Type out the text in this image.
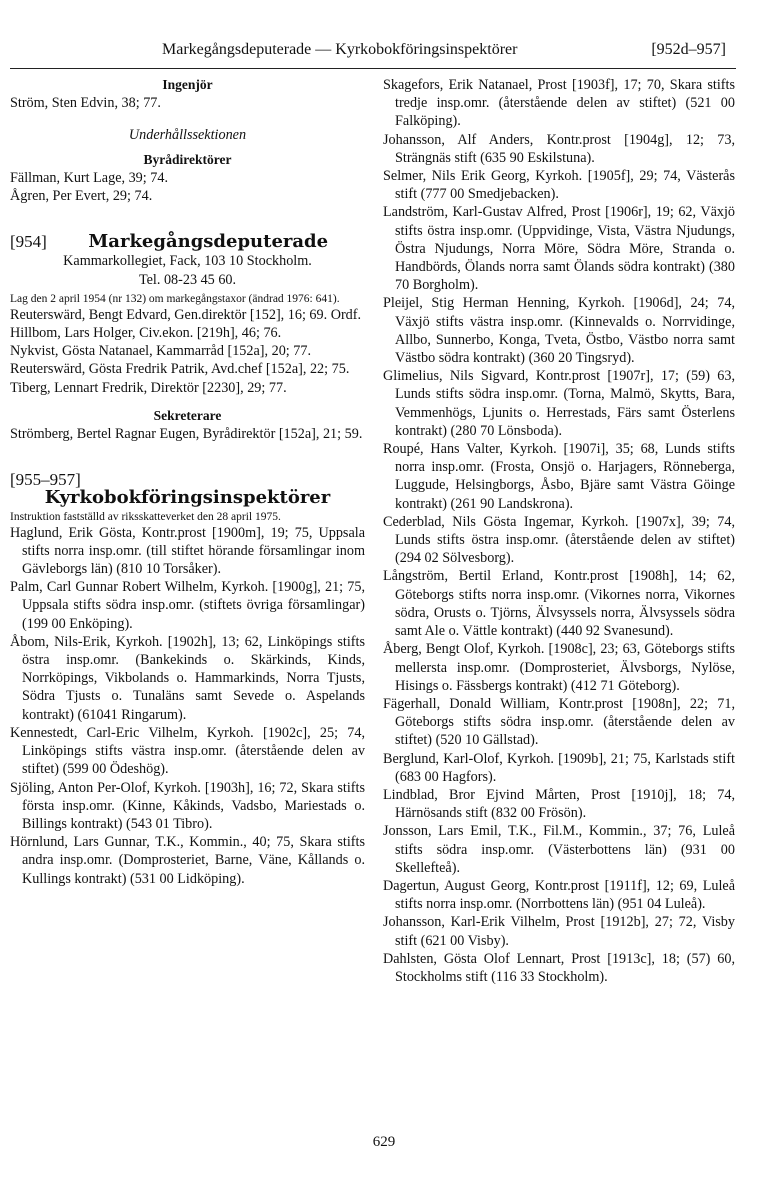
Markegångsdeputerade — Kyrkobokföringsinspektörer	[952d–957]
Ingenjör
Ström, Sten Edvin, 38; 77.
Underhållssektionen
Byrådirektörer
Fällman, Kurt Lage, 39; 74.
Ågren, Per Evert, 29; 74.
[954] Markegångsdeputerade
Kammarkollegiet, Fack, 103 10 Stockholm.
Tel. 08-23 45 60.
Lag den 2 april 1954 (nr 132) om markegångstaxor (ändrad 1976: 641).
Reuterswärd, Bengt Edvard, Gen.direktör [152], 16; 69. Ordf.
Hillbom, Lars Holger, Civ.ekon. [219h], 46; 76.
Nykvist, Gösta Natanael, Kammarråd [152a], 20; 77.
Reuterswärd, Gösta Fredrik Patrik, Avd.chef [152a], 22; 75.
Tiberg, Lennart Fredrik, Direktör [2230], 29; 77.
Sekreterare
Strömberg, Bertel Ragnar Eugen, Byrådirektör [152a], 21; 59.
[955–957]
Kyrkobokföringsinspektörer
Instruktion fastställd av riksskatteverket den 28 april 1975.
Haglund, Erik Gösta, Kontr.prost [1900m], 19; 75, Uppsala stifts norra insp.omr. (till stiftet hörande församlingar inom Gävleborgs län) (810 10 Torsåker).
Palm, Carl Gunnar Robert Wilhelm, Kyrkoh. [1900g], 21; 75, Uppsala stifts södra insp.omr. (stiftets övriga församlingar) (199 00 Enköping).
Åbom, Nils-Erik, Kyrkoh. [1902h], 13; 62, Linköpings stifts östra insp.omr. (Bankekinds o. Skärkinds, Kinds, Norrköpings, Vikbolands o. Hammarkinds, Norra Tjusts, Södra Tjusts o. Tunaläns samt Sevede o. Aspelands kontrakt) (61041 Ringarum).
Kennestedt, Carl-Eric Vilhelm, Kyrkoh. [1902c], 25; 74, Linköpings stifts västra insp.omr. (återstående delen av stiftet) (599 00 Ödeshög).
Sjöling, Anton Per-Olof, Kyrkoh. [1903h], 16; 72, Skara stifts första insp.omr. (Kinne, Kåkinds, Vadsbo, Mariestads o. Billings kontrakt) (543 01 Tibro).
Hörnlund, Lars Gunnar, T.K., Kommin., 40; 75, Skara stifts andra insp.omr. (Domprosteriet, Barne, Väne, Kållands o. Kullings kontrakt) (531 00 Lidköping).
Skagefors, Erik Natanael, Prost [1903f], 17; 70, Skara stifts tredje insp.omr. (återstående delen av stiftet) (521 00 Falköping).
Johansson, Alf Anders, Kontr.prost [1904g], 12; 73, Strängnäs stift (635 90 Eskilstuna).
Selmer, Nils Erik Georg, Kyrkoh. [1905f], 29; 74, Västerås stift (777 00 Smedjebacken).
Landström, Karl-Gustav Alfred, Prost [1906r], 19; 62, Växjö stifts östra insp.omr. (Uppvidinge, Vista, Västra Njudungs, Östra Njudungs, Norra Möre, Södra Möre, Stranda o. Handbörds, Ölands norra samt Ölands södra kontrakt) (380 70 Borgholm).
Pleijel, Stig Herman Henning, Kyrkoh. [1906d], 24; 74, Växjö stifts västra insp.omr. (Kinnevalds o. Norrvidinge, Allbo, Sunnerbo, Konga, Tveta, Östbo, Västbo norra samt Västbo södra kontrakt) (360 20 Tingsryd).
Glimelius, Nils Sigvard, Kontr.prost [1907r], 17; (59) 63, Lunds stifts södra insp.omr. (Torna, Malmö, Skytts, Bara, Vemmenhögs, Ljunits o. Herrestads, Färs samt Österlens kontrakt) (280 70 Lönsboda).
Roupé, Hans Valter, Kyrkoh. [1907i], 35; 68, Lunds stifts norra insp.omr. (Frosta, Onsjö o. Harjagers, Rönneberga, Luggude, Helsingborgs, Åsbo, Bjäre samt Västra Göinge kontrakt) (261 90 Landskrona).
Cederblad, Nils Gösta Ingemar, Kyrkoh. [1907x], 39; 74, Lunds stifts östra insp.omr. (återstående delen av stiftet) (294 02 Sölvesborg).
Långström, Bertil Erland, Kontr.prost [1908h], 14; 62, Göteborgs stifts norra insp.omr. (Vikornes norra, Vikornes södra, Orusts o. Tjörns, Älvsyssels norra, Älvsyssels södra samt Ale o. Vättle kontrakt) (440 92 Svanesund).
Åberg, Bengt Olof, Kyrkoh. [1908c], 23; 63, Göteborgs stifts mellersta insp.omr. (Domprosteriet, Älvsborgs, Nylöse, Hisings o. Fässbergs kontrakt) (412 71 Göteborg).
Fägerhall, Donald William, Kontr.prost [1908n], 22; 71, Göteborgs stifts södra insp.omr. (återstående delen av stiftet) (520 10 Gällstad).
Berglund, Karl-Olof, Kyrkoh. [1909b], 21; 75, Karlstads stift (683 00 Hagfors).
Lindblad, Bror Ejvind Mårten, Prost [1910j], 18; 74, Härnösands stift (832 00 Frösön).
Jonsson, Lars Emil, T.K., Fil.M., Kommin., 37; 76, Luleå stifts södra insp.omr. (Västerbottens län) (931 00 Skellefteå).
Dagertun, August Georg, Kontr.prost [1911f], 12; 69, Luleå stifts norra insp.omr. (Norrbottens län) (951 04 Luleå).
Johansson, Karl-Erik Vilhelm, Prost [1912b], 27; 72, Visby stift (621 00 Visby).
Dahlsten, Gösta Olof Lennart, Prost [1913c], 18; (57) 60, Stockholms stift (116 33 Stockholm).
629
